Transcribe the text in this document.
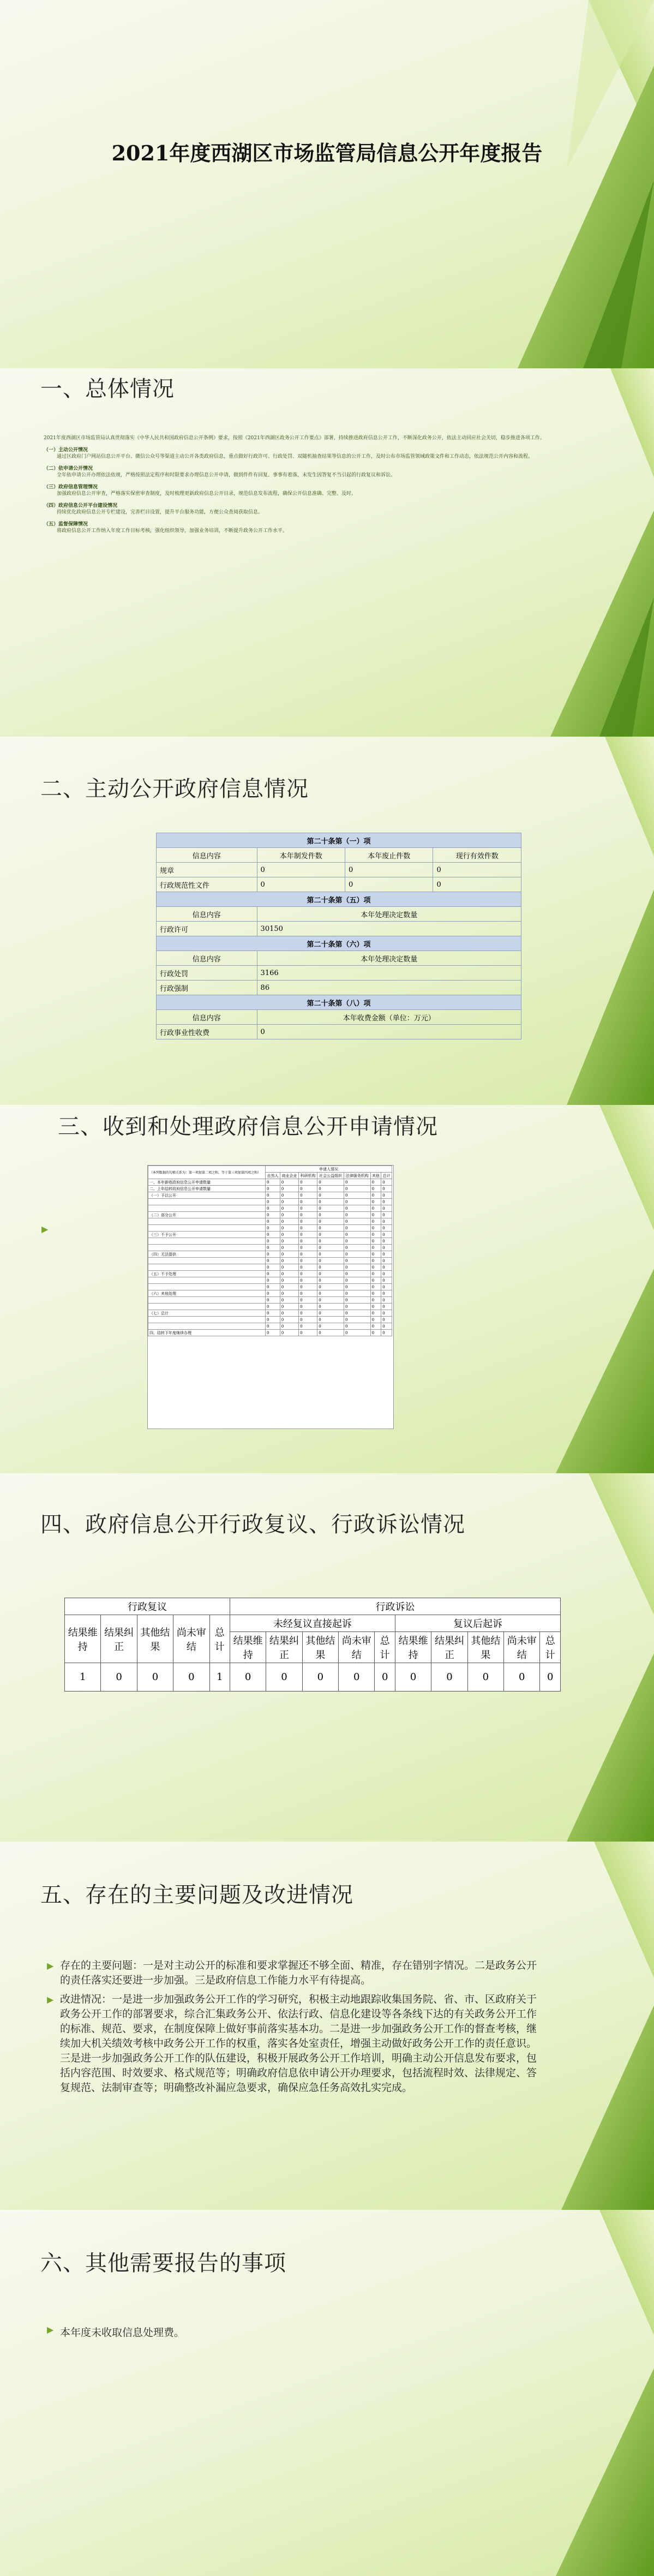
2021年度西湖区市场监管局信息公开年度报告
一、总体情况
2021年度西湖区市场监管局认真贯彻落实《中华人民共和国政府信息公开条例》要求，按照《2021年西湖区政务公开工作要点》部署，持续推进政府信息公开工作，不断深化政务公开，依法主动回应社会关切，稳步推进各项工作。
（一）主动公开情况
通过区政府门户网站信息公开平台、微信公众号等渠道主动公开各类政府信息，重点做好行政许可、行政处罚、双随机抽查结果等信息的公开工作，及时公布市场监管领域政策文件和工作动态，依法规范公开内容和流程。
（二）依申请公开情况
全年依申请公开办理依法依规，严格按照法定程序和时限要求办理信息公开申请，做到件件有回复、事事有着落，未发生因答复不当引起的行政复议和诉讼。
（三）政府信息管理情况
加强政府信息公开审查，严格落实保密审查制度，及时梳理更新政府信息公开目录，规范信息发布流程，确保公开信息准确、完整、及时。
（四）政府信息公开平台建设情况
持续优化政府信息公开专栏建设，完善栏目设置，提升平台服务功能，方便公众查阅获取信息。
（五）监督保障情况
将政府信息公开工作纳入年度工作目标考核，强化组织领导，加强业务培训，不断提升政务公开工作水平。
二、主动公开政府信息情况
第二十条第（一）项			
信息内容	本年制发件数	本年废止件数	现行有效件数
规章	0	0	0
行政规范性文件	0	0	0
第二十条第（五）项			
信息内容	本年处理决定数量		
行政许可	30150		
第二十条第（六）项			
信息内容	本年处理决定数量		
行政处罚	3166		
行政强制	86		
第二十条第（八）项			
信息内容	本年收费金额（单位：万元）		
行政事业性收费	0		
三、收到和处理政府信息公开申请情况
▶
（本列数据的勾稽关系为：第一项加第二项之和，等于第三项加第四项之和）	申请人情况						
	自然人	商业企业	科研机构	社会公益组织	法律服务机构	其他	总计
一、本年新收政府信息公开申请数量	0	0	0	0	0	0	0
二、上年结转政府信息公开申请数量	0	0	0	0	0	0	0
（一）予以公开	0	0	0	0	0	0	0
	0	0	0	0	0	0	0
	0	0	0	0	0	0	0
（二）部分公开	0	0	0	0	0	0	0
	0	0	0	0	0	0	0
	0	0	0	0	0	0	0
（三）不予公开	0	0	0	0	0	0	0
	0	0	0	0	0	0	0
	0	0	0	0	0	0	0
（四）无法提供	0	0	0	0	0	0	0
	0	0	0	0	0	0	0
	0	0	0	0	0	0	0
（五）不予处理	0	0	0	0	0	0	0
	0	0	0	0	0	0	0
	0	0	0	0	0	0	0
（六）其他处理	0	0	0	0	0	0	0
	0	0	0	0	0	0	0
	0	0	0	0	0	0	0
（七）总计	0	0	0	0	0	0	0
	0	0	0	0	0	0	0
	0	0	0	0	0	0	0
四、结转下年度继续办理	0	0	0	0	0	0	0
四、政府信息公开行政复议、行政诉讼情况
行政复议					行政诉讼									
结果维持	结果纠正	其他结果	尚未审结	总计	未经复议直接起诉					复议后起诉				
					结果维持	结果纠正	其他结果	尚未审结	总计	结果维持	结果纠正	其他结果	尚未审结	总计
1	0	0	0	1	0	0	0	0	0	0	0	0	0	0
五、存在的主要问题及改进情况
▶ 存在的主要问题：一是对主动公开的标准和要求掌握还不够全面、精准，存在错别字情况。二是政务公开的责任落实还要进一步加强。三是政府信息工作能力水平有待提高。
▶ 改进情况：一是进一步加强政务公开工作的学习研究，积极主动地跟踪收集国务院、省、市、区政府关于政务公开工作的部署要求，综合汇集政务公开、依法行政、信息化建设等各条线下达的有关政务公开工作的标准、规范、要求，在制度保障上做好事前落实基本功。二是进一步加强政务公开工作的督查考核，继续加大机关绩效考核中政务公开工作的权重，落实各处室责任，增强主动做好政务公开工作的责任意识。三是进一步加强政务公开工作的队伍建设，积极开展政务公开工作培训，明确主动公开信息发布要求，包括内容范围、时效要求、格式规范等；明确政府信息依申请公开办理要求，包括流程时效、法律规定、答复规范、法制审查等；明确整改补漏应急要求，确保应急任务高效扎实完成。
六、其他需要报告的事项
▶ 本年度未收取信息处理费。
